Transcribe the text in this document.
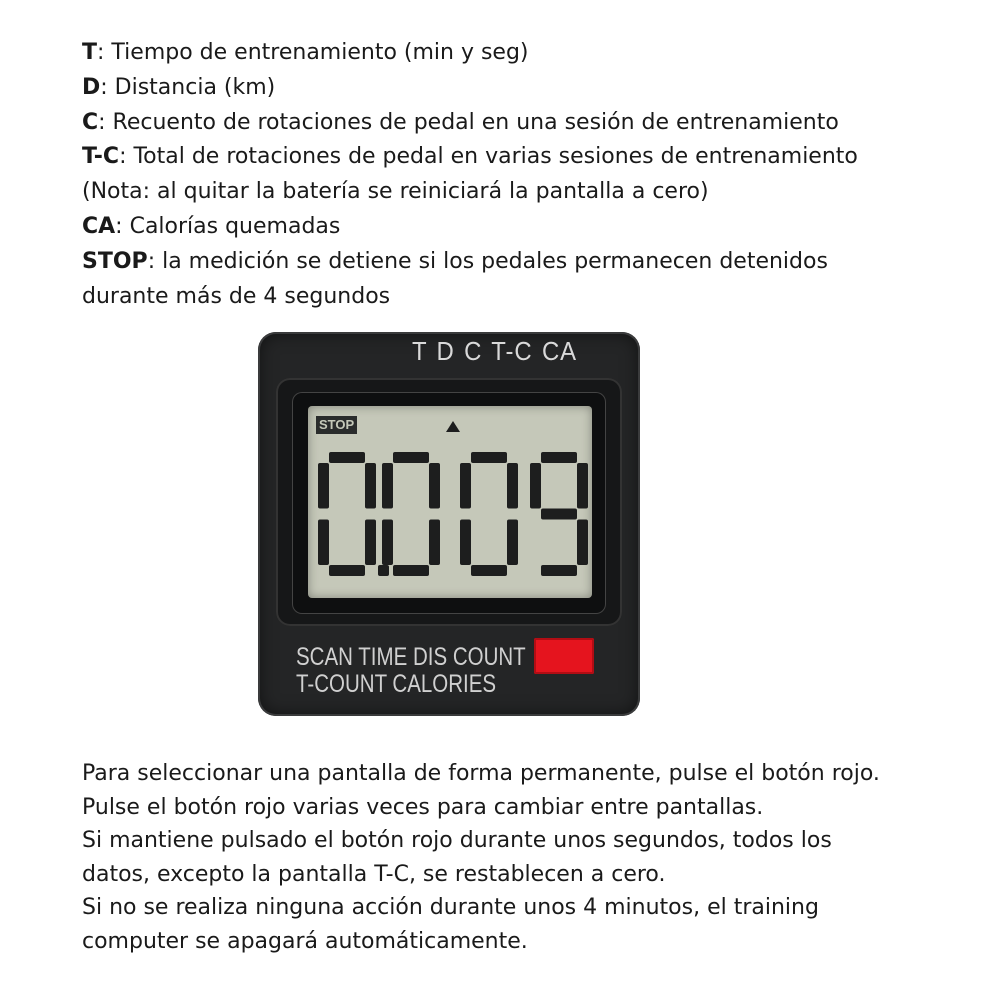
T: Tiempo de entrenamiento (min y seg)
D: Distancia (km)
C: Recuento de rotaciones de pedal en una sesión de entrenamiento
T-C: Total de rotaciones de pedal en varias sesiones de entrenamiento
(Nota: al quitar la batería se reiniciará la pantalla a cero)
CA: Calorías quemadas
STOP: la medición se detiene si los pedales permanecen detenidos
durante más de 4 segundos
T D C T-C CA
STOP
SCAN TIME DIS COUNT
T-COUNT CALORIES
Para seleccionar una pantalla de forma permanente, pulse el botón rojo.
Pulse el botón rojo varias veces para cambiar entre pantallas.
Si mantiene pulsado el botón rojo durante unos segundos, todos los
datos, excepto la pantalla T-C, se restablecen a cero.
Si no se realiza ninguna acción durante unos 4 minutos, el training
computer se apagará automáticamente.
